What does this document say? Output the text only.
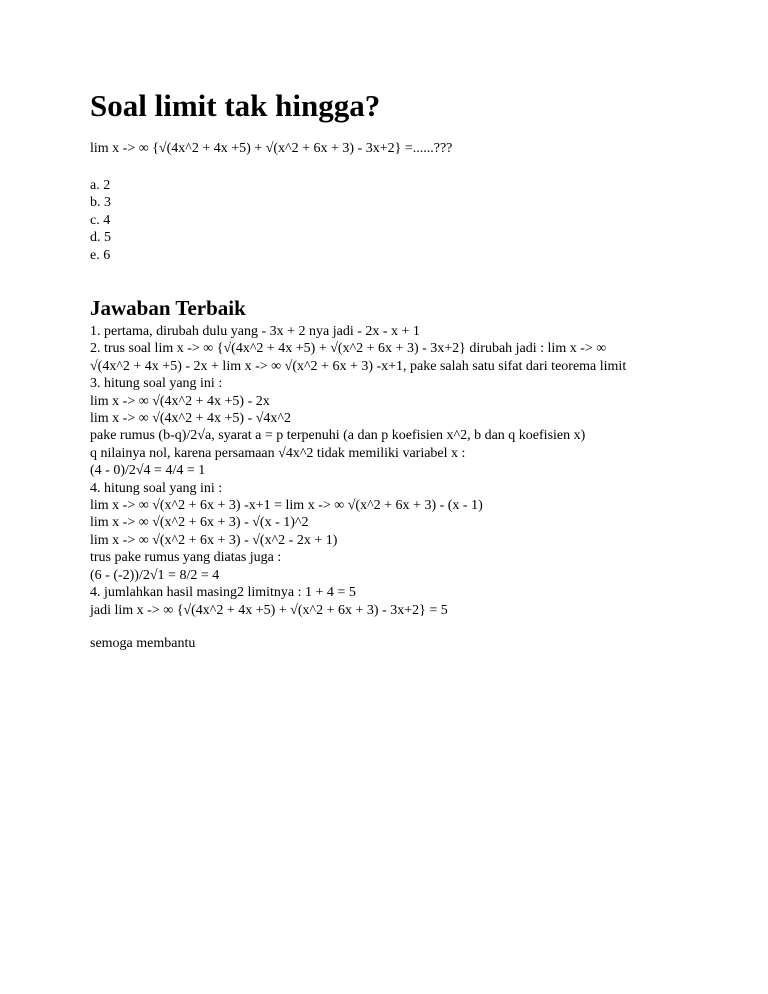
Soal limit tak hingga?

lim x -> ∞ {√(4x^2 + 4x +5) + √(x^2 + 6x + 3) - 3x+2} =......???

a. 2
b. 3
c. 4
d. 5
e. 6
Jawaban Terbaik
1. pertama, dirubah dulu yang - 3x + 2 nya jadi - 2x - x + 1
2. trus soal lim x -> ∞ {√(4x^2 + 4x +5) + √(x^2 + 6x + 3) - 3x+2} dirubah jadi : lim x -> ∞
√(4x^2 + 4x +5) - 2x + lim x -> ∞ √(x^2 + 6x + 3) -x+1, pake salah satu sifat dari teorema limit
3. hitung soal yang ini :
lim x -> ∞ √(4x^2 + 4x +5) - 2x
lim x -> ∞ √(4x^2 + 4x +5) - √4x^2
pake rumus (b-q)/2√a, syarat a = p terpenuhi (a dan p koefisien x^2, b dan q koefisien x)
q nilainya nol, karena persamaan √4x^2 tidak memiliki variabel x :
(4 - 0)/2√4 = 4/4 = 1
4. hitung soal yang ini :
lim x -> ∞ √(x^2 + 6x + 3) -x+1 = lim x -> ∞ √(x^2 + 6x + 3) - (x - 1)
lim x -> ∞ √(x^2 + 6x + 3) - √(x - 1)^2
lim x -> ∞ √(x^2 + 6x + 3) - √(x^2 - 2x + 1)
trus pake rumus yang diatas juga :
(6 - (-2))/2√1 = 8/2 = 4
4. jumlahkan hasil masing2 limitnya : 1 + 4 = 5
jadi lim x -> ∞ {√(4x^2 + 4x +5) + √(x^2 + 6x + 3) - 3x+2} = 5

semoga membantu
